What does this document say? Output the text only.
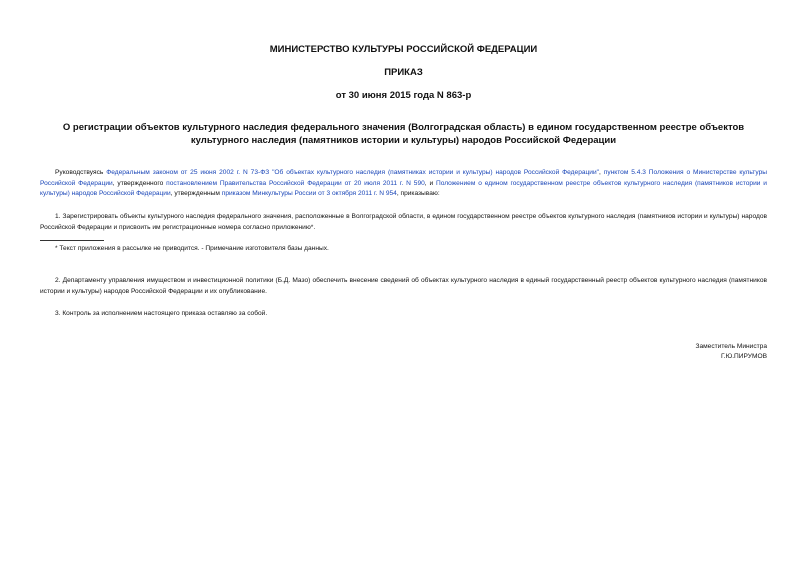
МИНИСТЕРСТВО КУЛЬТУРЫ РОССИЙСКОЙ ФЕДЕРАЦИИ
ПРИКАЗ
от 30 июня 2015 года N 863-р
О регистрации объектов культурного наследия федерального значения (Волгоградская область) в едином государственном реестре объектов культурного наследия (памятников истории и культуры) народов Российской Федерации
Руководствуясь Федеральным законом от 25 июня 2002 г. N 73-ФЗ "Об объектах культурного наследия (памятниках истории и культуры) народов Российской Федерации", пунктом 5.4.3 Положения о Министерстве культуры Российской Федерации, утвержденного постановлением Правительства Российской Федерации от 20 июля 2011 г. N 590, и Положением о едином государственном реестре объектов культурного наследия (памятников истории и культуры) народов Российской Федерации, утвержденным приказом Минкультуры России от 3 октября 2011 г. N 954, приказываю:
1. Зарегистрировать объекты культурного наследия федерального значения, расположенные в Волгоградской области, в едином государственном реестре объектов культурного наследия (памятников истории и культуры) народов Российской Федерации и присвоить им регистрационные номера согласно приложению*.
* Текст приложения в рассылке не приводится. - Примечание изготовителя базы данных.
2. Департаменту управления имуществом и инвестиционной политики (Б.Д. Мазо) обеспечить внесение сведений об объектах культурного наследия в единый государственный реестр объектов культурного наследия (памятников истории и культуры) народов Российской Федерации и их опубликование.
3. Контроль за исполнением настоящего приказа оставляю за собой.
Заместитель Министра
Г.Ю.ПИРУМОВ
